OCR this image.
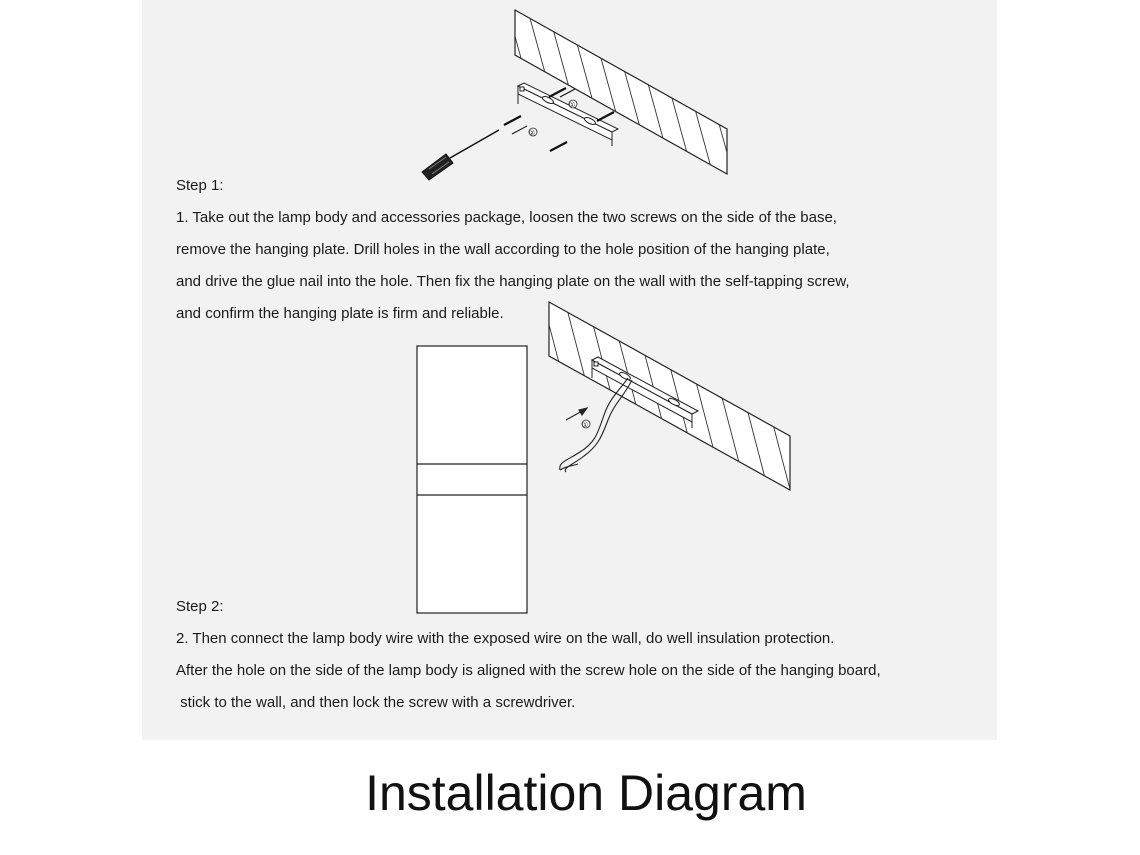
①
②
①
Step 1:
1. Take out the lamp body and accessories package, loosen the two screws on the side of the base,
remove the hanging plate. Drill holes in the wall according to the hole position of the hanging plate,
and drive the glue nail into the hole. Then fix the hanging plate on the wall with the self-tapping screw,
and confirm the hanging plate is firm and reliable.
Step 2:
2. Then connect the lamp body wire with the exposed wire on the wall, do well insulation protection.
After the hole on the side of the lamp body is aligned with the screw hole on the side of the hanging board,
stick to the wall, and then lock the screw with a screwdriver.
Installation Diagram
